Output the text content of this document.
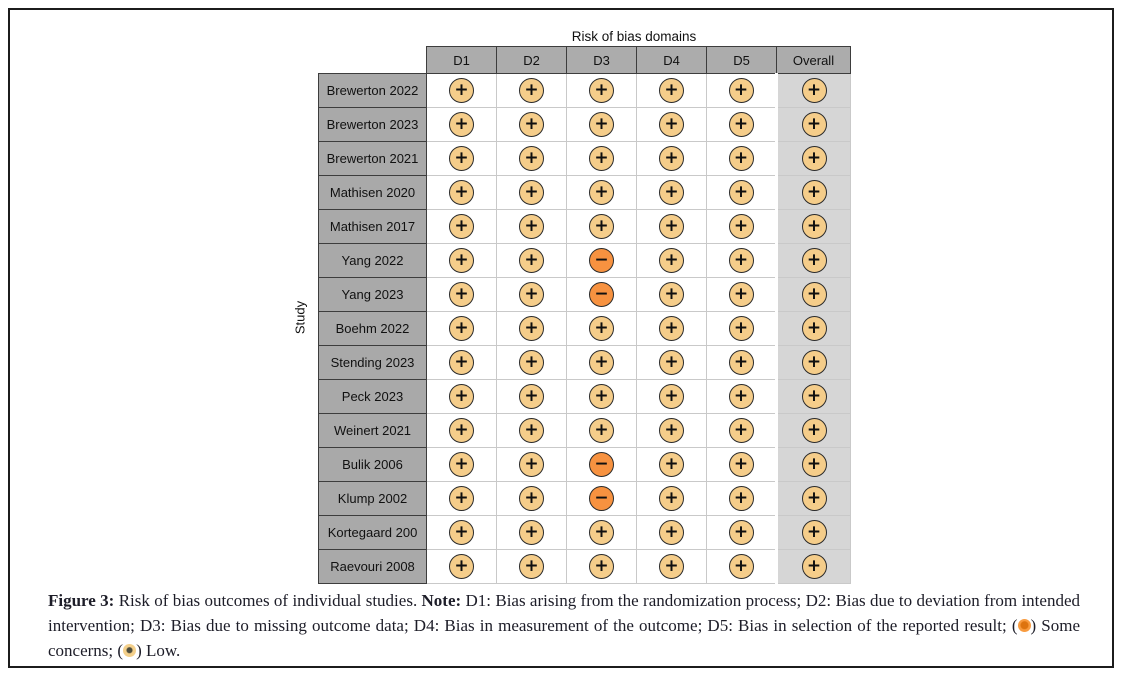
Risk of bias domains
Study
	D1	D2	D3	D4	D5	Overall
Brewerton 2022	+	+	+	+	+	+

Brewerton 2023	+	+	+	+	+	+

Brewerton 2021	+	+	+	+	+	+

Mathisen 2020	+	+	+	+	+	+

Mathisen 2017	+	+	+	+	+	+

Yang 2022	+	+	−	+	+	+

Yang 2023	+	+	−	+	+	+

Boehm 2022	+	+	+	+	+	+

Stending 2023	+	+	+	+	+	+

Peck 2023	+	+	+	+	+	+

Weinert 2021	+	+	+	+	+	+

Bulik 2006	+	+	−	+	+	+

Klump 2002	+	+	−	+	+	+

Kortegaard 200	+	+	+	+	+	+

Raevouri 2008	+	+	+	+	+	+

Figure 3: Risk of bias outcomes of individual studies. Note: D1: Bias arising from the randomization process; D2: Bias due to deviation from intended intervention; D3: Bias due to missing outcome data; D4: Bias in measurement of the outcome; D5: Bias in selection of the reported result; ( ) Some concerns; ( ) Low.
